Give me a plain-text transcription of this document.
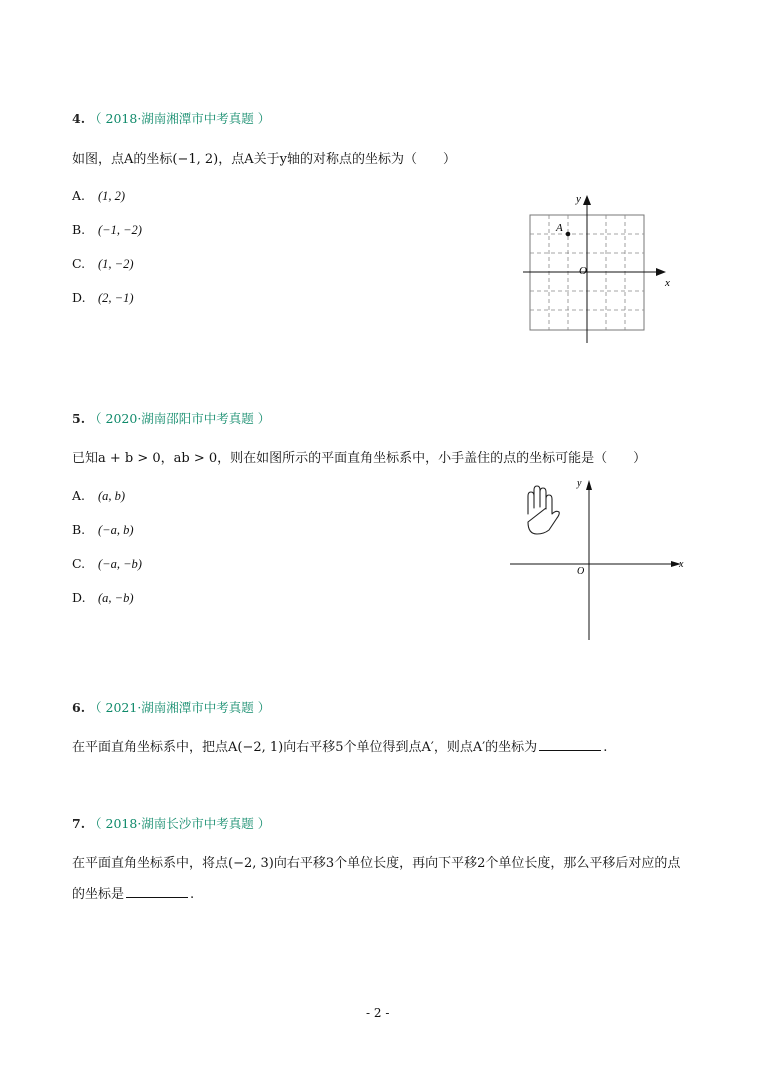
4. （ 2018·湖南湘潭市中考真题 ）
如图，点A的坐标(−1, 2)，点A关于y轴的对称点的坐标为（　　）
A. (1, 2)
B. (−1, −2)
C. (1, −2)
D. (2, −1)
A
O
x
y
5. （ 2020·湖南邵阳市中考真题 ）
已知a + b > 0，ab > 0，则在如图所示的平面直角坐标系中，小手盖住的点的坐标可能是（　　）
A. (a, b)
B. (−a, b)
C. (−a, −b)
D. (a, −b)
O
x
y
6. （ 2021·湖南湘潭市中考真题 ）
在平面直角坐标系中，把点A(−2, 1)向右平移5个单位得到点A′，则点A′的坐标为	.
7. （ 2018·湖南长沙市中考真题 ）
在平面直角坐标系中，将点(−2, 3)向右平移3个单位长度，再向下平移2个单位长度，那么平移后对应的点
的坐标是	.
- 2 -
